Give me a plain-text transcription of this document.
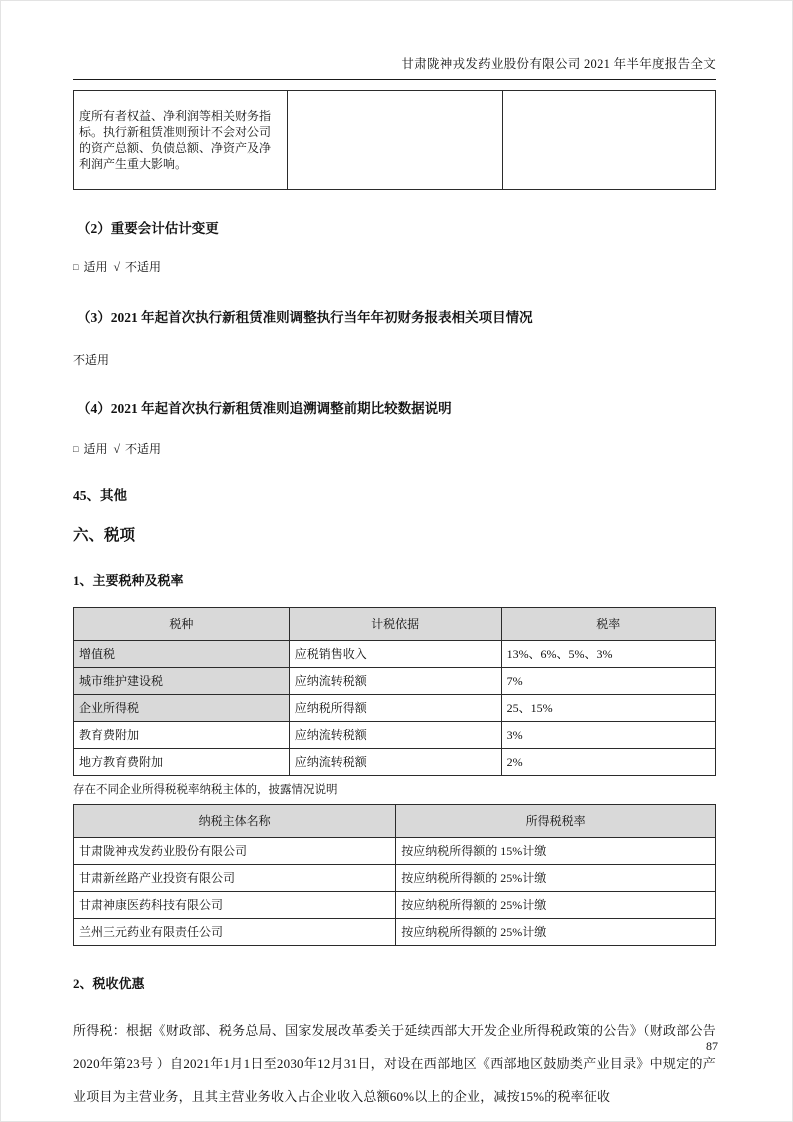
甘肃陇神戎发药业股份有限公司 2021 年半年度报告全文
度所有者权益、净利润等相关财务指标。执行新租赁准则预计不会对公司的资产总额、负债总额、净资产及净利润产生重大影响。		

（2）重要会计估计变更

□ 适用 √ 不适用

（3）2021 年起首次执行新租赁准则调整执行当年年初财务报表相关项目情况

不适用

（4）2021 年起首次执行新租赁准则追溯调整前期比较数据说明

□ 适用 √ 不适用

45、其他

六、税项

1、主要税种及税率

税种	计税依据	税率
增值税	应税销售收入	13%、6%、5%、3%
城市维护建设税	应纳流转税额	7%
企业所得税	应纳税所得额	25、15%
教育费附加	应纳流转税额	3%
地方教育费附加	应纳流转税额	2%

存在不同企业所得税税率纳税主体的，披露情况说明

纳税主体名称	所得税税率
甘肃陇神戎发药业股份有限公司	按应纳税所得额的 15%计缴
甘肃新丝路产业投资有限公司	按应纳税所得额的 25%计缴
甘肃神康医药科技有限公司	按应纳税所得额的 25%计缴
兰州三元药业有限责任公司	按应纳税所得额的 25%计缴

2、税收优惠

所得税：根据《财政部、税务总局、国家发展改革委关于延续西部大开发企业所得税政策的公告》（财政部公告2020年第23号 ）自2021年1月1日至2030年12月31日，对设在西部地区《西部地区鼓励类产业目录》中规定的产业项目为主营业务，且其主营业务收入占企业收入总额60%以上的企业，减按15%的税率征收

87
